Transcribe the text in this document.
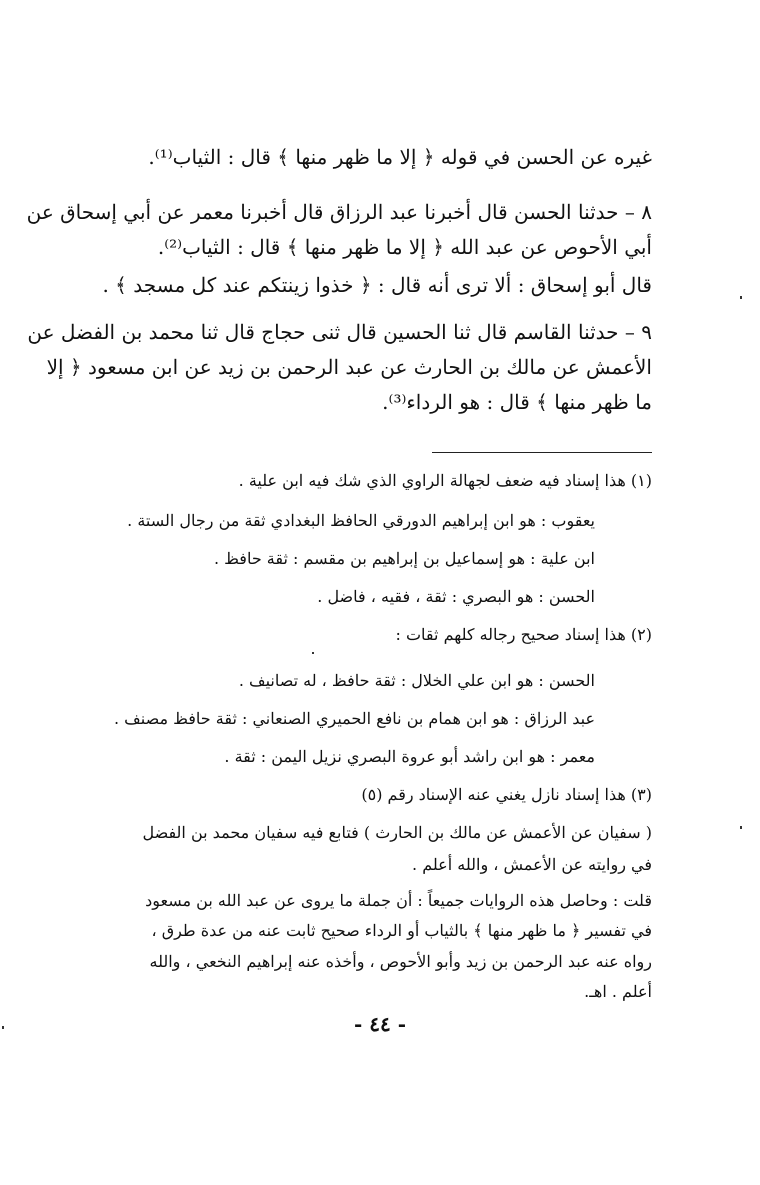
غيره عن الحسن في قوله ﴿ إلا ما ظهر منها ﴾ قال : الثياب⁽¹⁾.
٨ – حدثنا الحسن قال أخبرنا عبد الرزاق قال أخبرنا معمر عن أبي إسحاق عن
أبي الأحوص عن عبد الله ﴿ إلا ما ظهر منها ﴾ قال : الثياب⁽²⁾.
قال أبو إسحاق : ألا ترى أنه قال : ﴿ خذوا زينتكم عند كل مسجد ﴾ .
٩ – حدثنا القاسم قال ثنا الحسين قال ثنى حجاج قال ثنا محمد بن الفضل عن
الأعمش عن مالك بن الحارث عن عبد الرحمن بن زيد عن ابن مسعود ﴿ إلا
ما ظهر منها ﴾ قال : هو الرداء⁽³⁾.
(١) هذا إسناد فيه ضعف لجهالة الراوي الذي شك فيه ابن علية .
يعقوب : هو ابن إبراهيم الدورقي الحافظ البغدادي ثقة من رجال الستة .
ابن علية : هو إسماعيل بن إبراهيم بن مقسم : ثقة حافظ .
الحسن : هو البصري : ثقة ، فقيه ، فاضل .
(٢) هذا إسناد صحيح رجاله كلهم ثقات :
الحسن : هو ابن علي الخلال : ثقة حافظ ، له تصانيف .
عبد الرزاق : هو ابن همام بن نافع الحميري الصنعاني : ثقة حافظ مصنف .
معمر : هو ابن راشد أبو عروة البصري نزيل اليمن : ثقة .
(٣) هذا إسناد نازل يغني عنه الإسناد رقم (٥)
( سفيان عن الأعمش عن مالك بن الحارث ) فتابع فيه سفيان محمد بن الفضل
في روايته عن الأعمش ، والله أعلم .
قلت : وحاصل هذه الروايات جميعاً : أن جملة ما يروى عن عبد الله بن مسعود
في تفسير ﴿ ما ظهر منها ﴾ بالثياب أو الرداء صحيح ثابت عنه من عدة طرق ،
رواه عنه عبد الرحمن بن زيد وأبو الأحوص ، وأخذه عنه إبراهيم النخعي ، والله
أعلم . اهـ.
- ٤٤ -
